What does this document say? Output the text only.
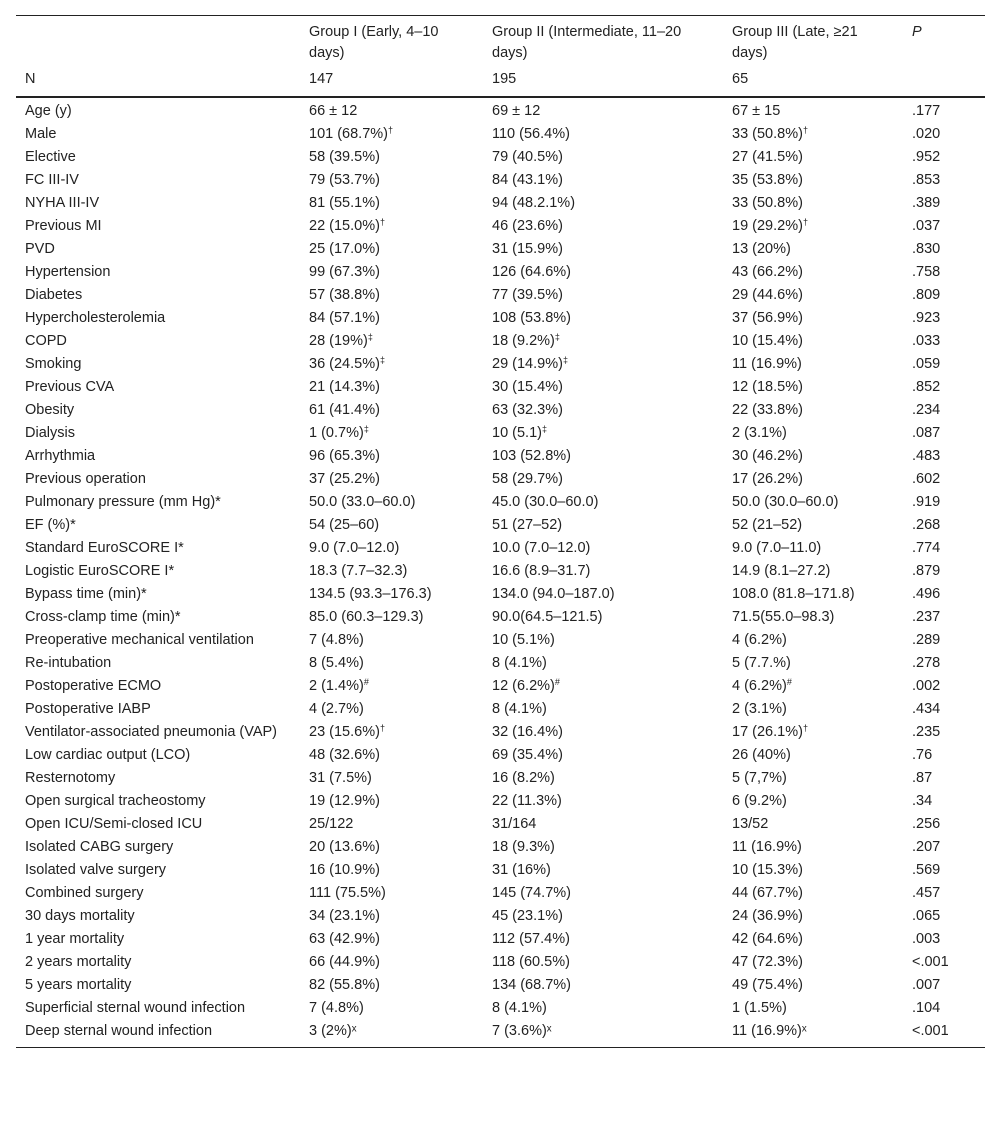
	Group I (Early, 4–10 days)	Group II (Intermediate, 11–20 days)	Group III (Late, ≥21 days)	P
N	147	195	65	
Age (y)	66 ± 12	69 ± 12	67 ± 15	.177
Male	101 (68.7%)†	110 (56.4%)	33 (50.8%)†	.020
Elective	58 (39.5%)	79 (40.5%)	27 (41.5%)	.952
FC III-IV	79 (53.7%)	84 (43.1%)	35 (53.8%)	.853
NYHA III-IV	81 (55.1%)	94 (48.2.1%)	33 (50.8%)	.389
Previous MI	22 (15.0%)†	46 (23.6%)	19 (29.2%)†	.037
PVD	25 (17.0%)	31 (15.9%)	13 (20%)	.830
Hypertension	99 (67.3%)	126 (64.6%)	43 (66.2%)	.758
Diabetes	57 (38.8%)	77 (39.5%)	29 (44.6%)	.809
Hypercholesterolemia	84 (57.1%)	108 (53.8%)	37 (56.9%)	.923
COPD	28 (19%)‡	18 (9.2%)‡	10 (15.4%)	.033
Smoking	36 (24.5%)‡	29 (14.9%)‡	11 (16.9%)	.059
Previous CVA	21 (14.3%)	30 (15.4%)	12 (18.5%)	.852
Obesity	61 (41.4%)	63 (32.3%)	22 (33.8%)	.234
Dialysis	1 (0.7%)‡	10 (5.1)‡	2 (3.1%)	.087
Arrhythmia	96 (65.3%)	103 (52.8%)	30 (46.2%)	.483
Previous operation	37 (25.2%)	58 (29.7%)	17 (26.2%)	.602
Pulmonary pressure (mm Hg)*	50.0 (33.0–60.0)	45.0 (30.0–60.0)	50.0 (30.0–60.0)	.919
EF (%)*	54 (25–60)	51 (27–52)	52 (21–52)	.268
Standard EuroSCORE I*	9.0 (7.0–12.0)	10.0 (7.0–12.0)	9.0 (7.0–11.0)	.774
Logistic EuroSCORE I*	18.3 (7.7–32.3)	16.6 (8.9–31.7)	14.9 (8.1–27.2)	.879
Bypass time (min)*	134.5 (93.3–176.3)	134.0 (94.0–187.0)	108.0 (81.8–171.8)	.496
Cross-clamp time (min)*	85.0 (60.3–129.3)	90.0(64.5–121.5)	71.5(55.0–98.3)	.237
Preoperative mechanical ventilation	7 (4.8%)	10 (5.1%)	4 (6.2%)	.289
Re-intubation	8 (5.4%)	8 (4.1%)	5 (7.7.%)	.278
Postoperative ECMO	2 (1.4%)#	12 (6.2%)#	4 (6.2%)#	.002
Postoperative IABP	4 (2.7%)	8 (4.1%)	2 (3.1%)	.434
Ventilator-associated pneumonia (VAP)	23 (15.6%)†	32 (16.4%)	17 (26.1%)†	.235
Low cardiac output (LCO)	48 (32.6%)	69 (35.4%)	26 (40%)	.76
Resternotomy	31 (7.5%)	16 (8.2%)	5 (7,7%)	.87
Open surgical tracheostomy	19 (12.9%)	22 (11.3%)	6 (9.2%)	.34
Open ICU/Semi-closed ICU	25/122	31/164	13/52	.256
Isolated CABG surgery	20 (13.6%)	18 (9.3%)	11 (16.9%)	.207
Isolated valve surgery	16 (10.9%)	31 (16%)	10 (15.3%)	.569
Combined surgery	111 (75.5%)	145 (74.7%)	44 (67.7%)	.457
30 days mortality	34 (23.1%)	45 (23.1%)	24 (36.9%)	.065
1 year mortality	63 (42.9%)	112 (57.4%)	42 (64.6%)	.003
2 years mortality	66 (44.9%)	118 (60.5%)	47 (72.3%)	<.001
5 years mortality	82 (55.8%)	134 (68.7%)	49 (75.4%)	.007
Superficial sternal wound infection	7 (4.8%)	8 (4.1%)	1 (1.5%)	.104
Deep sternal wound infection	3 (2%)ˣ	7 (3.6%)ˣ	11 (16.9%)ˣ	<.001
